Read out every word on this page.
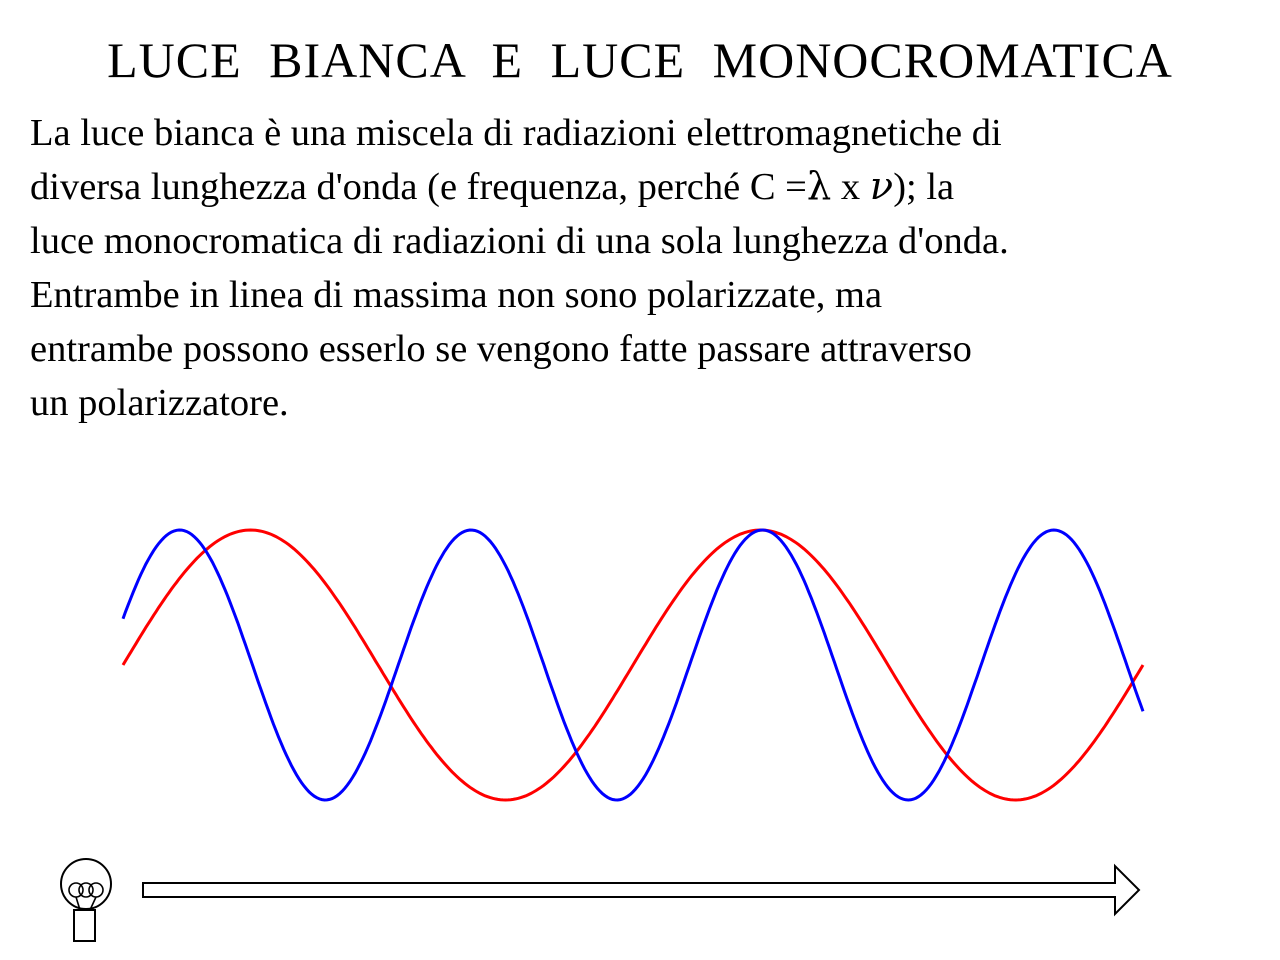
LUCE BIANCA E LUCE MONOCROMATICA
La luce bianca è una miscela di radiazioni elettromagnetiche di
diversa lunghezza d'onda (e frequenza, perché C =λ x ν); la
luce monocromatica di radiazioni di una sola lunghezza d'onda.
Entrambe in linea di massima non sono polarizzate, ma
entrambe possono esserlo se vengono fatte passare attraverso
un polarizzatore.
